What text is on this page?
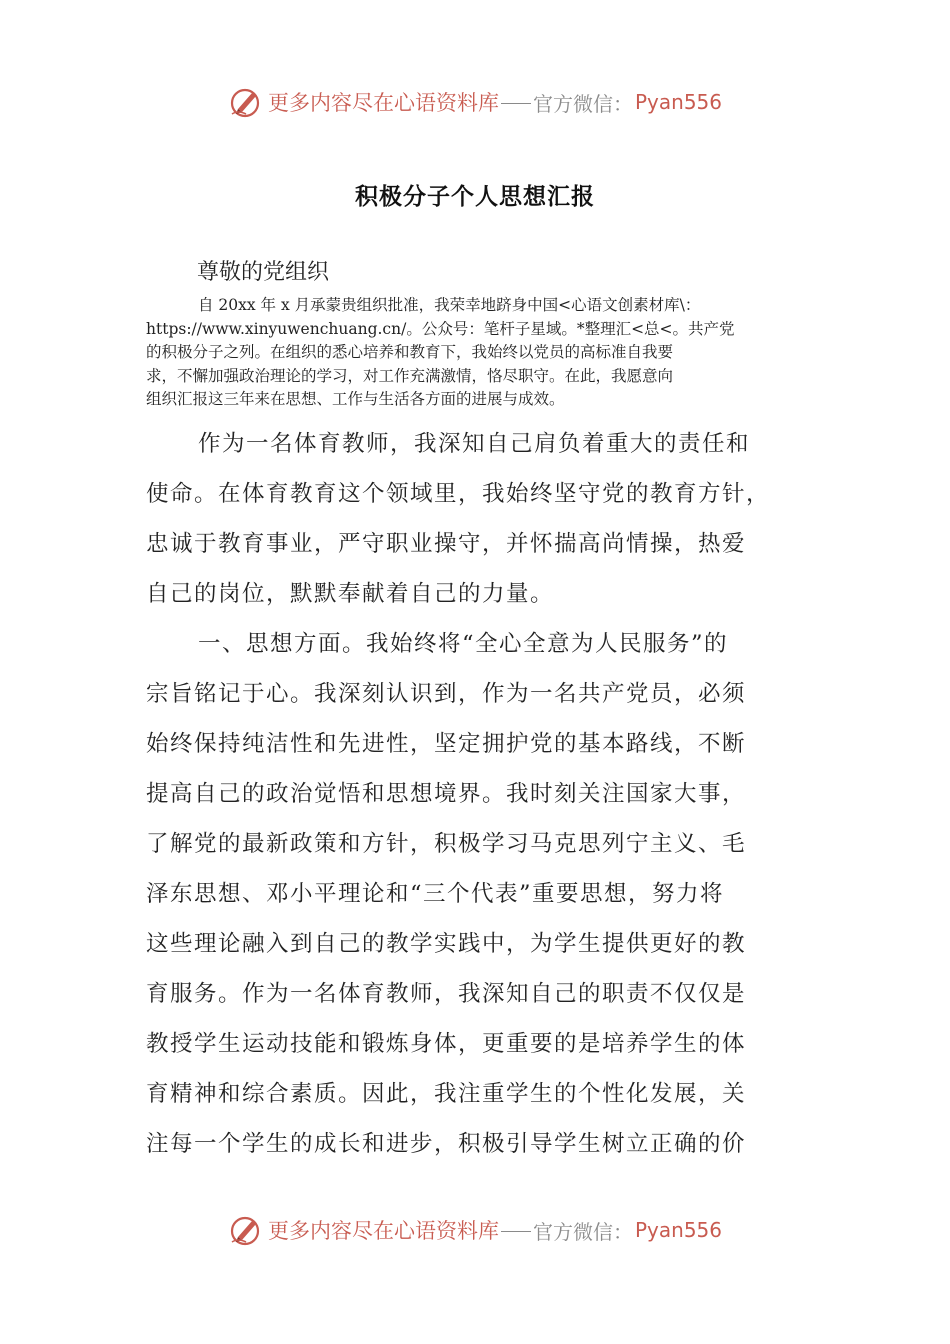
更多内容尽在心语资料库 官方微信： Pyan556
积极分子个人思想汇报
尊敬的党组织
自 20xx 年 x 月承蒙贵组织批准，我荣幸地跻身中国<心语文创素材库\：
https://www.xinyuwenchuang.cn/。公众号：笔杆子星域。*整理汇<总<。共产党
的积极分子之列。在组织的悉心培养和教育下，我始终以党员的高标准自我要
求，不懈加强政治理论的学习，对工作充满激情，恪尽职守。在此，我愿意向
组织汇报这三年来在思想、工作与生活各方面的进展与成效。
作为一名体育教师，我深知自己肩负着重大的责任和
使命。在体育教育这个领域里，我始终坚守党的教育方针，
忠诚于教育事业，严守职业操守，并怀揣高尚情操，热爱
自己的岗位，默默奉献着自己的力量。
一、思想方面。我始终将“全心全意为人民服务”的
宗旨铭记于心。我深刻认识到，作为一名共产党员，必须
始终保持纯洁性和先进性，坚定拥护党的基本路线，不断
提高自己的政治觉悟和思想境界。我时刻关注国家大事，
了解党的最新政策和方针，积极学习马克思列宁主义、毛
泽东思想、邓小平理论和“三个代表”重要思想，努力将
这些理论融入到自己的教学实践中，为学生提供更好的教
育服务。作为一名体育教师，我深知自己的职责不仅仅是
教授学生运动技能和锻炼身体，更重要的是培养学生的体
育精神和综合素质。因此，我注重学生的个性化发展，关
注每一个学生的成长和进步，积极引导学生树立正确的价
更多内容尽在心语资料库 官方微信： Pyan556
